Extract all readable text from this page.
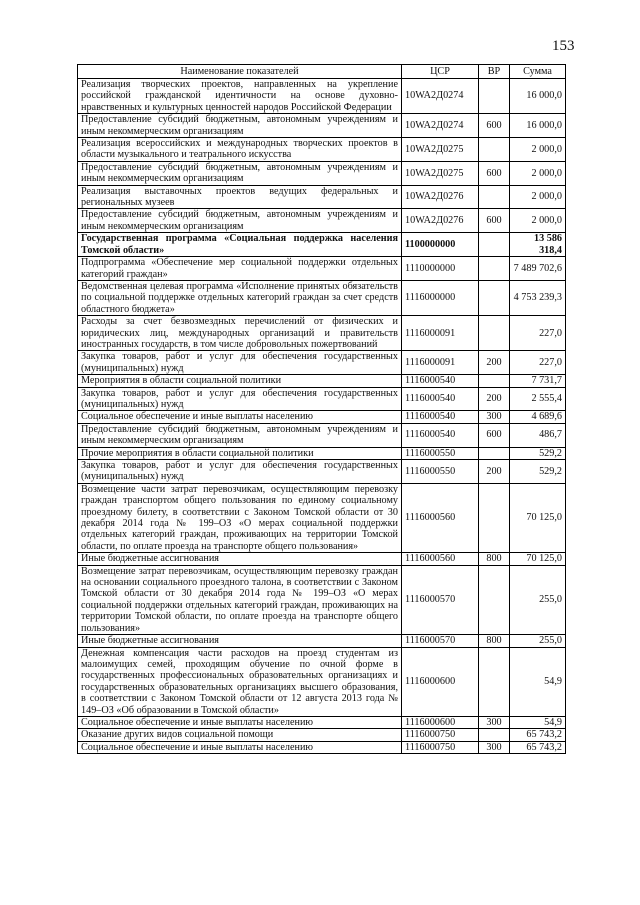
153
Наименование показателей	ЦСР	ВР	Сумма
Реализация творческих проектов, направленных на укрепление российской гражданской идентичности на основе духовно-нравственных и культурных ценностей народов Российской Федерации	10WA2Д0274		16 000,0
Предоставление субсидий бюджетным, автономным учреждениям и иным некоммерческим организациям	10WA2Д0274	600	16 000,0
Реализация всероссийских и международных творческих проектов в области музыкального и театрального искусства	10WA2Д0275		2 000,0
Предоставление субсидий бюджетным, автономным учреждениям и иным некоммерческим организациям	10WA2Д0275	600	2 000,0
Реализация выставочных проектов ведущих федеральных и региональных музеев	10WA2Д0276		2 000,0
Предоставление субсидий бюджетным, автономным учреждениям и иным некоммерческим организациям	10WA2Д0276	600	2 000,0
Государственная программа «Социальная поддержка населения Томской области»	1100000000		13 586 318,4
Подпрограмма «Обеспечение мер социальной поддержки отдельных категорий граждан»	1110000000		7 489 702,6
Ведомственная целевая программа «Исполнение принятых обязательств по социальной поддержке отдельных категорий граждан за счет средств областного бюджета»	1116000000		4 753 239,3
Расходы за счет безвозмездных перечислений от физических и юридических лиц, международных организаций и правительств иностранных государств, в том числе добровольных пожертвований	1116000091		227,0
Закупка товаров, работ и услуг для обеспечения государственных (муниципальных) нужд	1116000091	200	227,0
Мероприятия в области социальной политики	1116000540		7 731,7
Закупка товаров, работ и услуг для обеспечения государственных (муниципальных) нужд	1116000540	200	2 555,4
Социальное обеспечение и иные выплаты населению	1116000540	300	4 689,6
Предоставление субсидий бюджетным, автономным учреждениям и иным некоммерческим организациям	1116000540	600	486,7
Прочие мероприятия в области социальной политики	1116000550		529,2
Закупка товаров, работ и услуг для обеспечения государственных (муниципальных) нужд	1116000550	200	529,2
Возмещение части затрат перевозчикам, осуществляющим перевозку граждан транспортом общего пользования по единому социальному проездному билету, в соответствии с Законом Томской области от 30 декабря 2014 года № 199–ОЗ «О мерах социальной поддержки отдельных категорий граждан, проживающих на территории Томской области, по оплате проезда на транспорте общего пользования»	1116000560		70 125,0
Иные бюджетные ассигнования	1116000560	800	70 125,0
Возмещение затрат перевозчикам, осуществляющим перевозку граждан на основании социального проездного талона, в соответствии с Законом Томской области от 30 декабря 2014 года № 199–ОЗ «О мерах социальной поддержки отдельных категорий граждан, проживающих на территории Томской области, по оплате проезда на транспорте общего пользования»	1116000570		255,0
Иные бюджетные ассигнования	1116000570	800	255,0
Денежная компенсация части расходов на проезд студентам из малоимущих семей, проходящим обучение по очной форме в государственных профессиональных образовательных организациях и государственных образовательных организациях высшего образования, в соответствии с Законом Томской области от 12 августа 2013 года № 149–ОЗ «Об образовании в Томской области»	1116000600		54,9
Социальное обеспечение и иные выплаты населению	1116000600	300	54,9
Оказание других видов социальной помощи	1116000750		65 743,2
Социальное обеспечение и иные выплаты населению	1116000750	300	65 743,2
